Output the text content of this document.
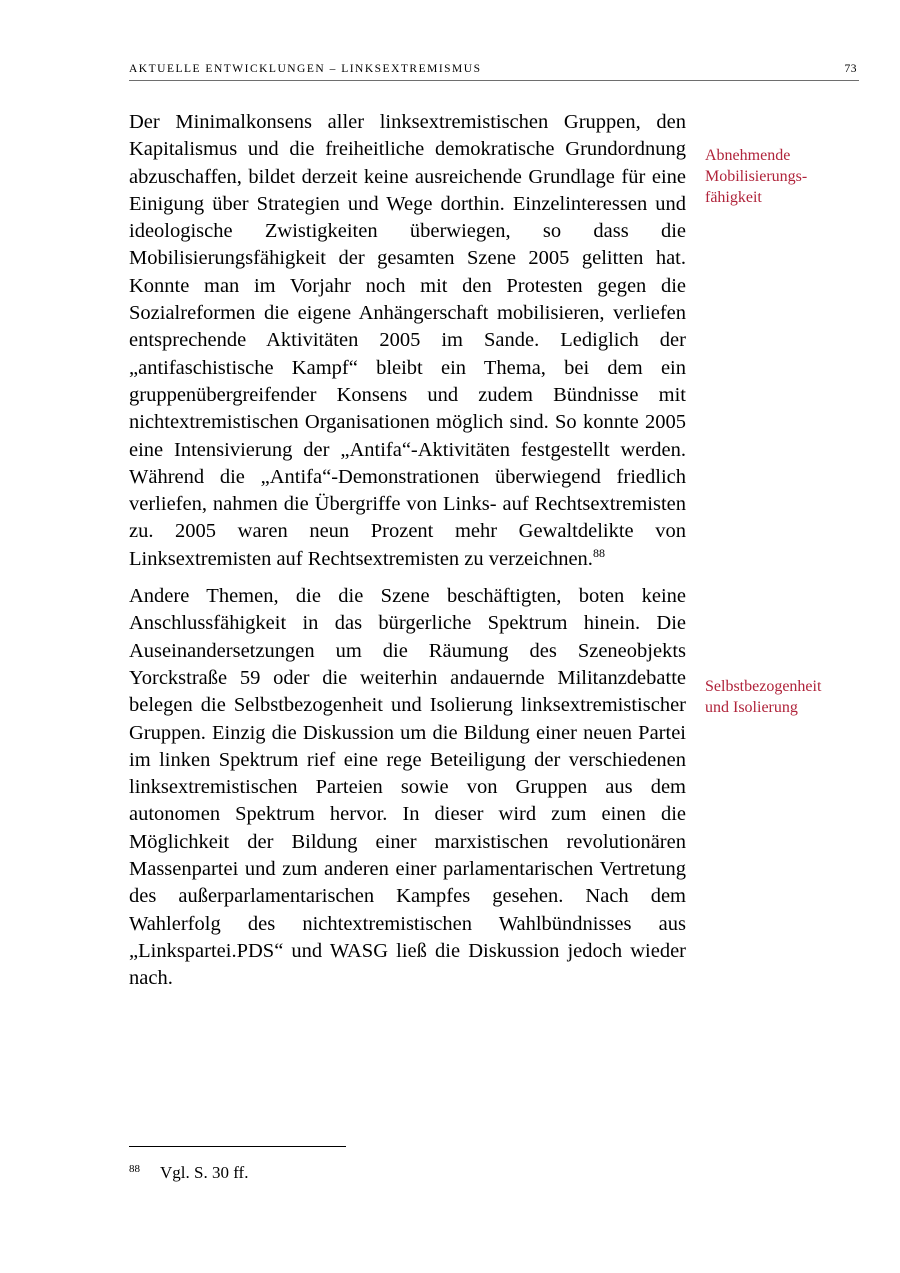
AKTUELLE ENTWICKLUNGEN – LINKSEXTREMISMUS	73

Der Minimalkonsens aller linksextremistischen Gruppen, den Kapitalismus und die freiheitliche demokratische Grundordnung abzuschaffen, bildet derzeit keine ausreichende Grundlage für eine Einigung über Strategien und Wege dorthin. Einzelinteressen und ideologische Zwistigkeiten überwiegen, so dass die Mobilisierungsfähigkeit der gesamten Szene 2005 gelitten hat. Konnte man im Vorjahr noch mit den Protesten gegen die Sozialreformen die eigene Anhängerschaft mobilisieren, verliefen entsprechende Aktivitäten 2005 im Sande. Lediglich der „antifaschistische Kampf“ bleibt ein Thema, bei dem ein gruppenübergreifender Konsens und zudem Bündnisse mit nichtextremistischen Organisationen möglich sind. So konnte 2005 eine Intensivierung der „Antifa“-Aktivitäten festgestellt werden. Während die „Antifa“-Demonstrationen überwiegend friedlich verliefen, nahmen die Übergriffe von Links- auf Rechtsextremisten zu. 2005 waren neun Prozent mehr Gewaltdelikte von Linksextremisten auf Rechtsextremisten zu verzeichnen.$^{88}$

Andere Themen, die die Szene beschäftigten, boten keine Anschlussfähigkeit in das bürgerliche Spektrum hinein. Die Auseinandersetzungen um die Räumung des Szeneobjekts Yorckstraße 59 oder die weiterhin andauernde Militanzdebatte belegen die Selbstbezogenheit und Isolierung linksextremistischer Gruppen. Einzig die Diskussion um die Bildung einer neuen Partei im linken Spektrum rief eine rege Beteiligung der verschiedenen linksextremistischen Parteien sowie von Gruppen aus dem autonomen Spektrum hervor. In dieser wird zum einen die Möglichkeit der Bildung einer marxistischen revolutionären Massenpartei und zum anderen einer parlamentarischen Vertretung des außerparlamentarischen Kampfes gesehen. Nach dem Wahlerfolg des nichtextremistischen Wahlbündnisses aus „Linkspartei.PDS“ und WASG ließ die Diskussion jedoch wieder nach.

Abnehmende
Mobilisierungs-
fähigkeit
Selbstbezogenheit
und Isolierung
88 Vgl. S. 30 ff.
